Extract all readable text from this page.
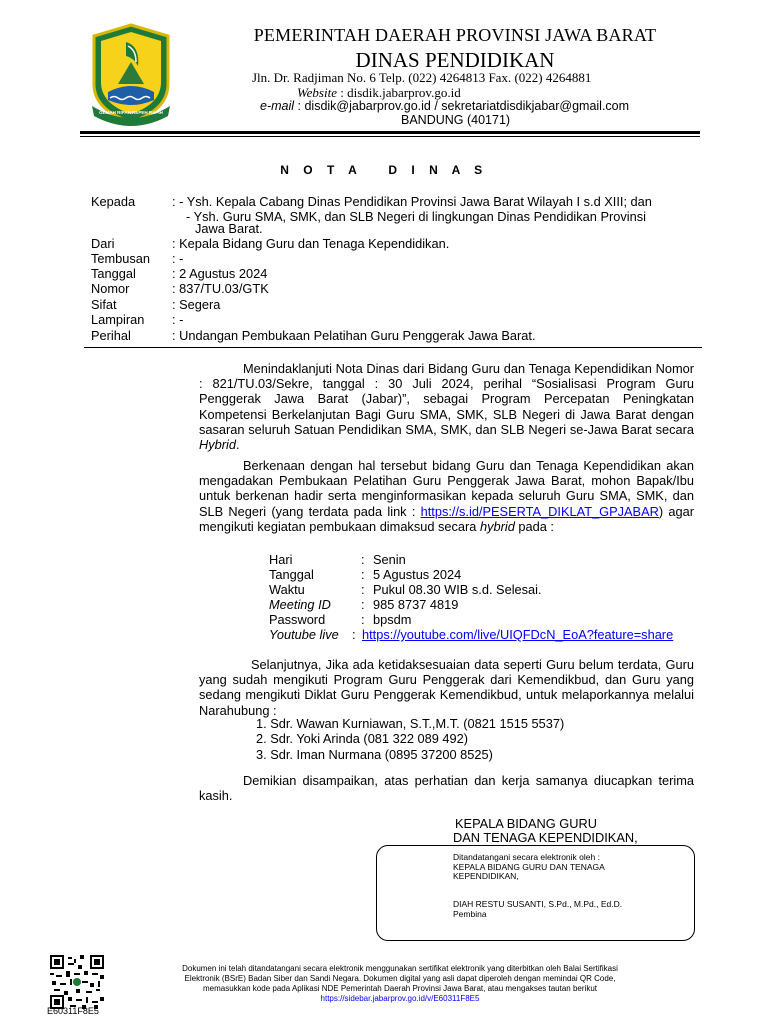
GEMAH RIPAH REPEH RAPIH
PEMERINTAH DAERAH PROVINSI JAWA BARAT
DINAS PENDIDIKAN
Jln. Dr. Radjiman No. 6 Telp. (022) 4264813 Fax. (022) 4264881
Website : disdik.jabarprov.go.id
e-mail : disdik@jabarprov.go.id / sekretariatdisdikjabar@gmail.com
BANDUNG (40171)
N O T A   D I N A S
Kepada	: - Ysh. Kepala Cabang Dinas Pendidikan Provinsi Jawa Barat Wilayah I s.d XIII; dan
- Ysh. Guru SMA, SMK, dan SLB Negeri di lingkungan Dinas Pendidikan Provinsi
Jawa Barat.
Dari	: Kepala Bidang Guru dan Tenaga Kependidikan.
Tembusan : -
Tanggal	: 2 Agustus 2024
Nomor	: 837/TU.03/GTK
Sifat	: Segera
Lampiran : -
Perihal	: Undangan Pembukaan Pelatihan Guru Penggerak Jawa Barat.
Menindaklanjuti Nota Dinas dari Bidang Guru dan Tenaga Kependidikan Nomor : 821/TU.03/Sekre, tanggal : 30 Juli 2024, perihal “Sosialisasi Program Guru Penggerak Jawa Barat (Jabar)”, sebagai Program Percepatan Peningkatan Kompetensi Berkelanjutan Bagi Guru SMA, SMK, SLB Negeri di Jawa Barat dengan sasaran seluruh Satuan Pendidikan SMA, SMK, dan SLB Negeri se-Jawa Barat secara Hybrid.
Berkenaan dengan hal tersebut bidang Guru dan Tenaga Kependidikan akan mengadakan Pembukaan Pelatihan Guru Penggerak Jawa Barat, mohon Bapak/Ibu untuk berkenan hadir serta menginformasikan kepada seluruh Guru SMA, SMK, dan SLB Negeri (yang terdata pada link : https://s.id/PESERTA_DIKLAT_GPJABAR) agar mengikuti kegiatan pembukaan dimaksud secara hybrid pada :
Hari	: Senin
Tanggal	: 5 Agustus 2024
Waktu	: Pukul 08.30 WIB s.d. Selesai.
Meeting ID : 985 8737 4819
Password	: bpsdm
Youtube live : https://youtube.com/live/UIQFDcN_EoA?feature=share
Selanjutnya, Jika ada ketidaksesuaian data seperti Guru belum terdata, Guru yang sudah mengikuti Program Guru Penggerak dari Kemendikbud, dan Guru yang sedang mengikuti Diklat Guru Penggerak Kemendikbud, untuk melaporkannya melalui Narahubung :
1. Sdr. Wawan Kurniawan, S.T.,M.T. (0821 1515 5537)
2. Sdr. Yoki Arinda (081 322 089 492)
3. Sdr. Iman Nurmana (0895 37200 8525)
Demikian disampaikan, atas perhatian dan kerja samanya diucapkan terima kasih.
KEPALA BIDANG GURU
DAN TENAGA KEPENDIDIKAN,
Ditandatangani secara elektronik oleh :
KEPALA BIDANG GURU DAN TENAGA
KEPENDIDIKAN,
DIAH RESTU SUSANTI, S.Pd., M.Pd., Ed.D.
Pembina
E60311F8E5
Dokumen ini telah ditandatangani secara elektronik menggunakan sertifikat elektronik yang diterbitkan oleh Balai Sertifikasi
Elektronik (BSrE) Badan Siber dan Sandi Negara. Dokumen digital yang asli dapat diperoleh dengan memindai QR Code,
memasukkan kode pada Aplikasi NDE Pemerintah Daerah Provinsi Jawa Barat, atau mengakses tautan berikut
https://sidebar.jabarprov.go.id/v/E60311F8E5
